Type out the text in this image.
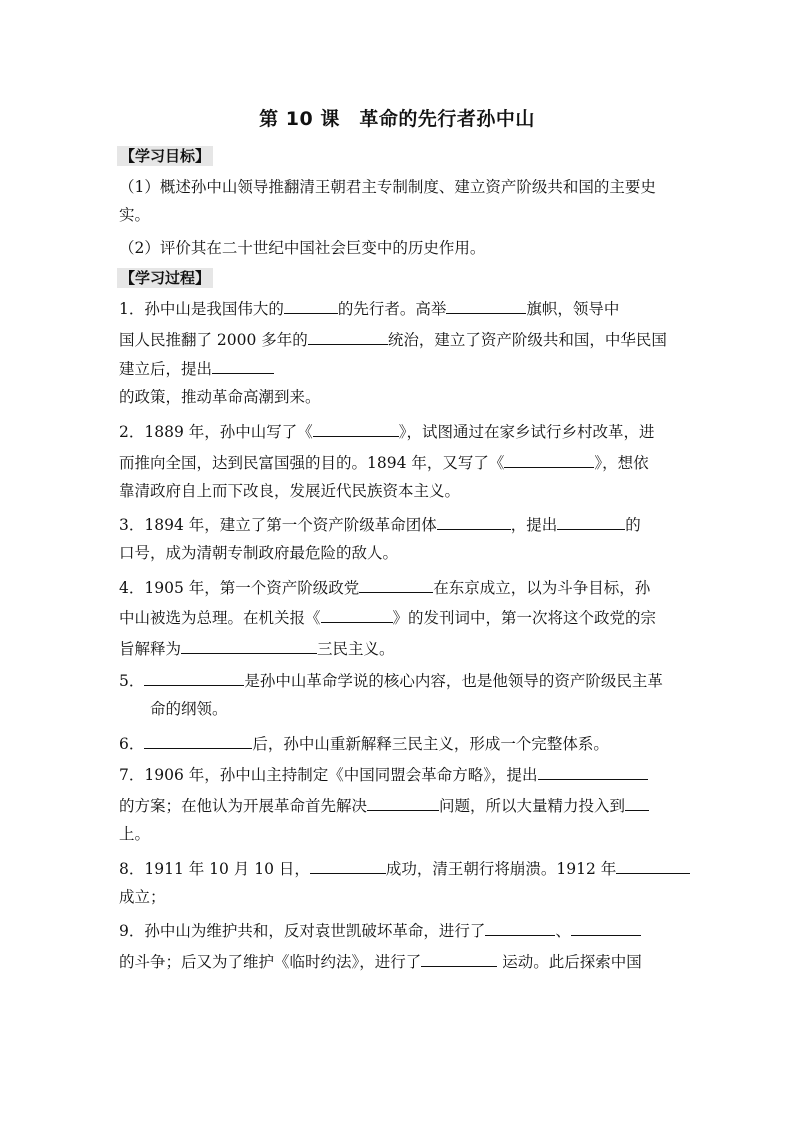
第 10 课　革命的先行者孙中山
【学习目标】
（1）概述孙中山领导推翻清王朝君主专制制度、建立资产阶级共和国的主要史
实。
（2）评价其在二十世纪中国社会巨变中的历史作用。
【学习过程】
1．孙中山是我国伟大的	的先行者。高举	旗帜，领导中
国人民推翻了 2000 多年的	统治，建立了资产阶级共和国，中华民国
建立后，提出
的政策，推动革命高潮到来。
2．1889 年，孙中山写了《	》，试图通过在家乡试行乡村改革，进
而推向全国，达到民富国强的目的。1894 年，又写了《	》，想依
靠清政府自上而下改良，发展近代民族资本主义。
3．1894 年，建立了第一个资产阶级革命团体	，提出	的
口号，成为清朝专制政府最危险的敌人。
4．1905 年，第一个资产阶级政党	在东京成立，以为斗争目标，孙
中山被选为总理。在机关报《	》的发刊词中，第一次将这个政党的宗
旨解释为	三民主义。
5．	是孙中山革命学说的核心内容，也是他领导的资产阶级民主革
命的纲领。
6．	后，孙中山重新解释三民主义，形成一个完整体系。
7．1906 年，孙中山主持制定《中国同盟会革命方略》，提出
的方案；在他认为开展革命首先解决	问题，所以大量精力投入到
上。
8．1911 年 10 月 10 日，	成功，清王朝行将崩溃。1912 年
成立；
9．孙中山为维护共和，反对袁世凯破坏革命，进行了	、
的斗争；后又为了维护《临时约法》，进行了	运动。此后探索中国
